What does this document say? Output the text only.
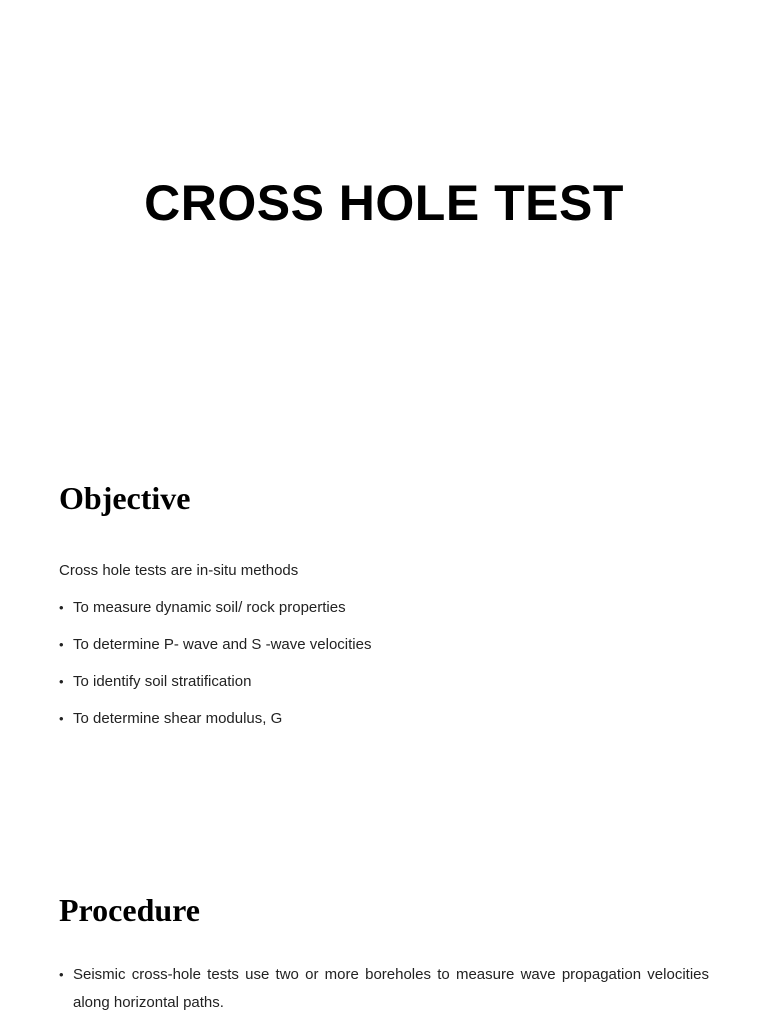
CROSS HOLE TEST
Objective

Cross hole tests are in-situ methods

• To measure dynamic soil/ rock properties
• To determine P- wave and S -wave velocities
• To identify soil stratification
• To determine shear modulus, G
Procedure
• Seismic cross-hole tests use two or more boreholes to measure wave propagation velocities along horizontal paths.
